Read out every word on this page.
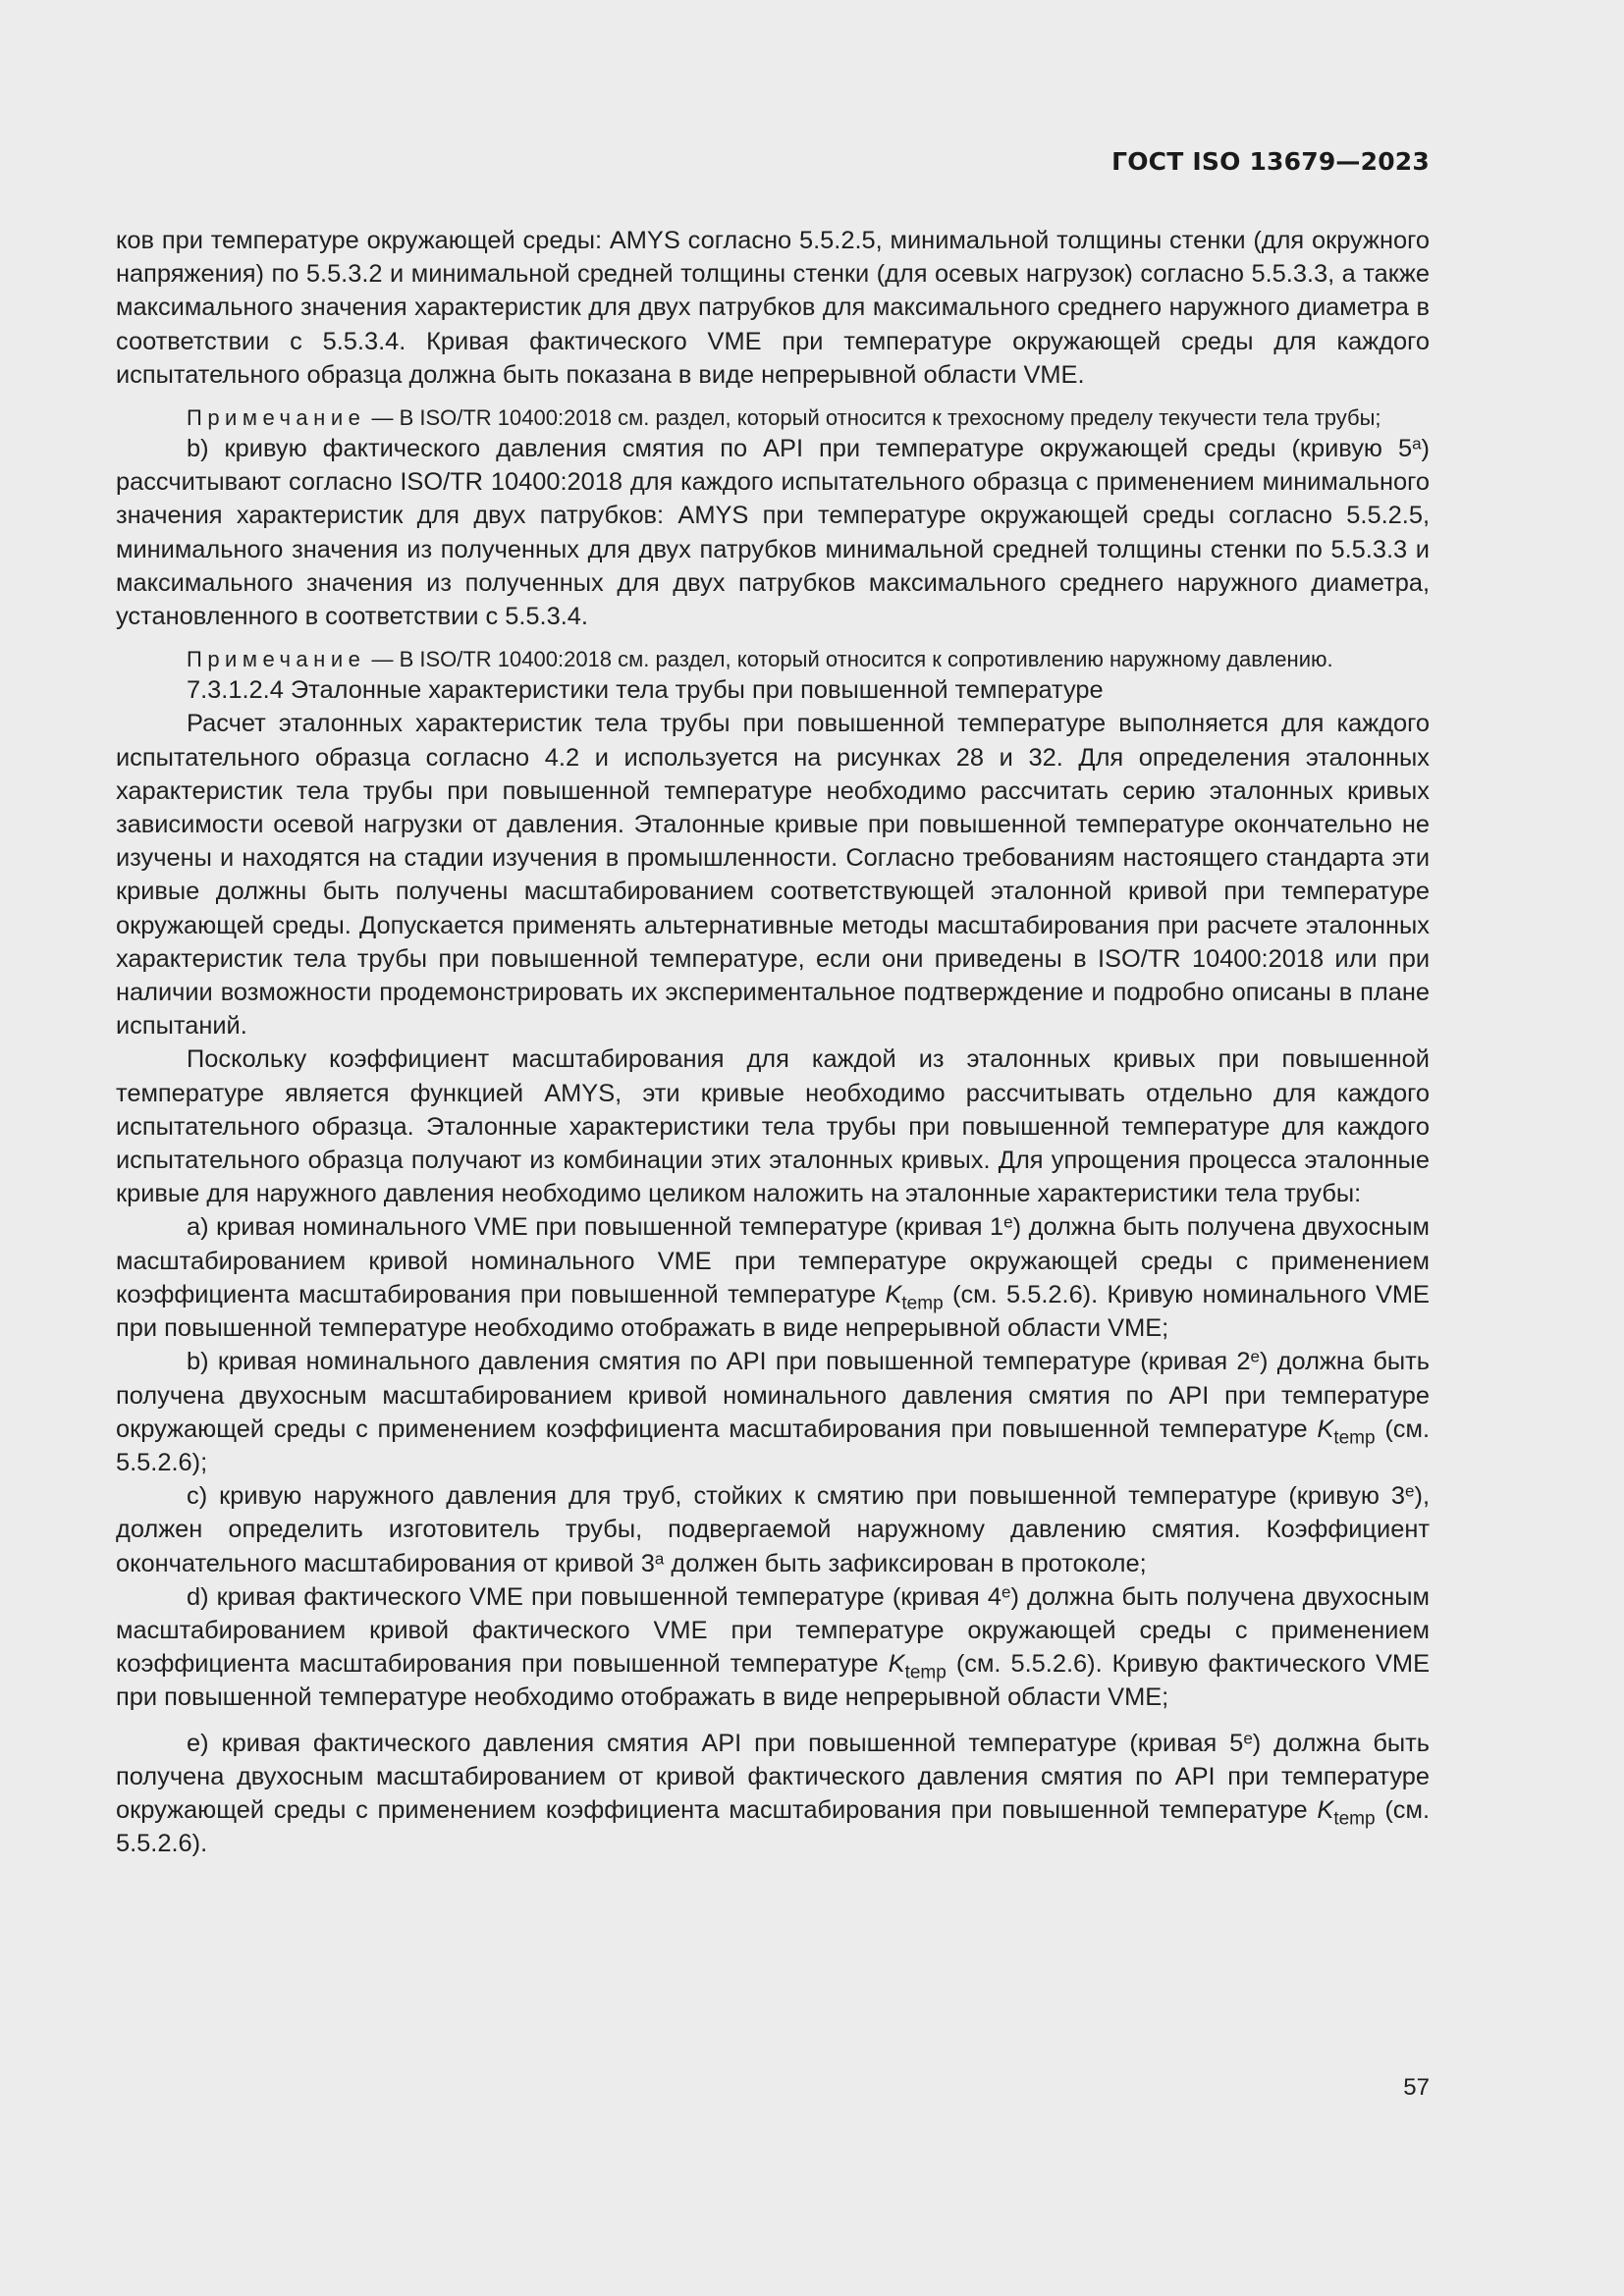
ГОСТ ISO 13679—2023

ков при температуре окружающей среды: AMYS согласно 5.5.2.5, минимальной толщины стенки (для окружного напряжения) по 5.5.3.2 и минимальной средней толщины стенки (для осевых нагрузок) согласно 5.5.3.3, а также максимального значения характеристик для двух патрубков для максимального среднего наружного диаметра в соответствии с 5.5.3.4. Кривая фактического VME при температуре окружающей среды для каждого испытательного образца должна быть показана в виде непрерывной области VME.

Примечание — В ISO/TR 10400:2018 см. раздел, который относится к трехосному пределу текучести тела трубы;

b) кривую фактического давления смятия по API при температуре окружающей среды (кривую 5$^a$) рассчитывают согласно ISO/TR 10400:2018 для каждого испытательного образца с применением минимального значения характеристик для двух патрубков: AMYS при температуре окружающей среды согласно 5.5.2.5, минимального значения из полученных для двух патрубков минимальной средней толщины стенки по 5.5.3.3 и максимального значения из полученных для двух патрубков максимального среднего наружного диаметра, установленного в соответствии с 5.5.3.4.

Примечание — В ISO/TR 10400:2018 см. раздел, который относится к сопротивлению наружному давлению.

7.3.1.2.4 Эталонные характеристики тела трубы при повышенной температуре

Расчет эталонных характеристик тела трубы при повышенной температуре выполняется для каждого испытательного образца согласно 4.2 и используется на рисунках 28 и 32. Для определения эталонных характеристик тела трубы при повышенной температуре необходимо рассчитать серию эталонных кривых зависимости осевой нагрузки от давления. Эталонные кривые при повышенной температуре окончательно не изучены и находятся на стадии изучения в промышленности. Согласно требованиям настоящего стандарта эти кривые должны быть получены масштабированием соответствующей эталонной кривой при температуре окружающей среды. Допускается применять альтернативные методы масштабирования при расчете эталонных характеристик тела трубы при повышенной температуре, если они приведены в ISO/TR 10400:2018 или при наличии возможности продемонстрировать их экспериментальное подтверждение и подробно описаны в плане испытаний.

Поскольку коэффициент масштабирования для каждой из эталонных кривых при повышенной температуре является функцией AMYS, эти кривые необходимо рассчитывать отдельно для каждого испытательного образца. Эталонные характеристики тела трубы при повышенной температуре для каждого испытательного образца получают из комбинации этих эталонных кривых. Для упрощения процесса эталонные кривые для наружного давления необходимо целиком наложить на эталонные характеристики тела трубы:

a) кривая номинального VME при повышенной температуре (кривая $1^е$) должна быть получена двухосным масштабированием кривой номинального VME при температуре окружающей среды с применением коэффициента масштабирования при повышенной температуре $K_{temp}$ (см. 5.5.2.6). Кривую номинального VME при повышенной температуре необходимо отображать в виде непрерывной области VME;

b) кривая номинального давления смятия по API при повышенной температуре (кривая $2^е$) должна быть получена двухосным масштабированием кривой номинального давления смятия по API при температуре окружающей среды с применением коэффициента масштабирования при повышенной температуре $K_{temp}$ (см. 5.5.2.6);

c) кривую наружного давления для труб, стойких к смятию при повышенной температуре (кривую $3^е$), должен определить изготовитель трубы, подвергаемой наружному давлению смятия. Коэффициент окончательного масштабирования от кривой $3^а$ должен быть зафиксирован в протоколе;

d) кривая фактического VME при повышенной температуре (кривая $4^е$) должна быть получена двухосным масштабированием кривой фактического VME при температуре окружающей среды с применением коэффициента масштабирования при повышенной температуре $K_{temp}$ (см. 5.5.2.6). Кривую фактического VME при повышенной температуре необходимо отображать в виде непрерывной области VME;

e) кривая фактического давления смятия API при повышенной температуре (кривая $5^е$) должна быть получена двухосным масштабированием от кривой фактического давления смятия по API при температуре окружающей среды с применением коэффициента масштабирования при повышенной температуре $K_{temp}$ (см. 5.5.2.6).

57
